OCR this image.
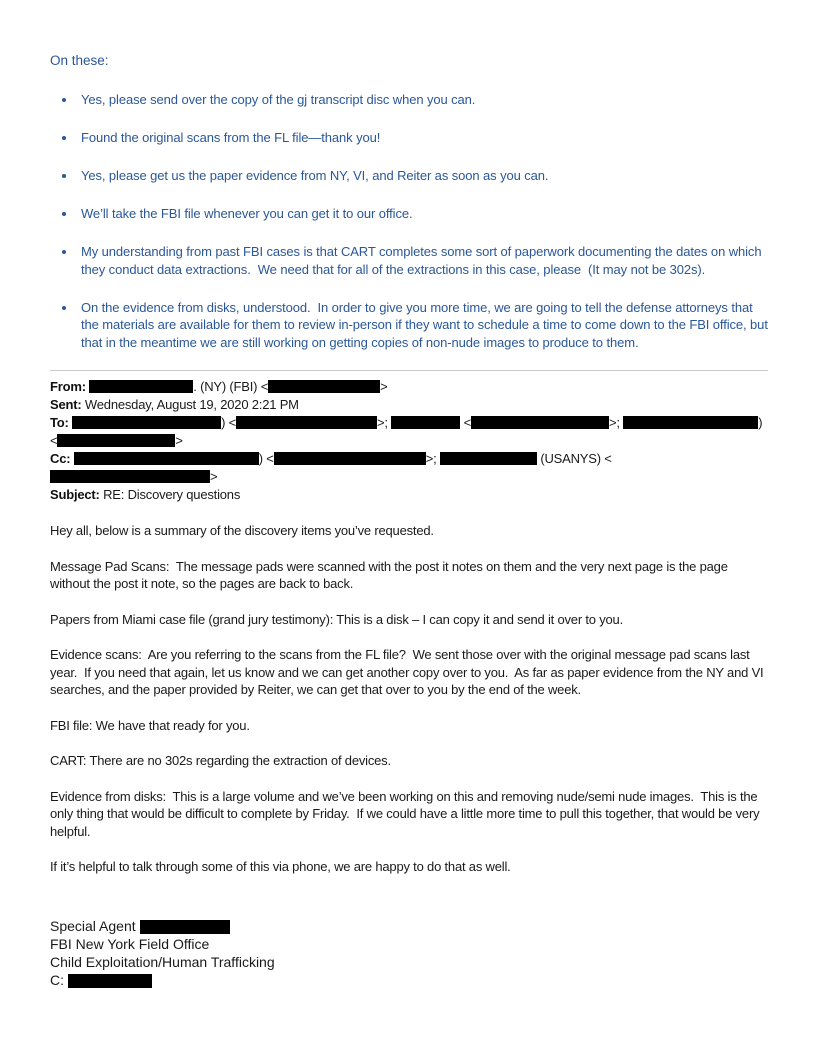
On these:

• Yes, please send over the copy of the gj transcript disc when you can.
• Found the original scans from the FL file—thank you!
• Yes, please get us the paper evidence from NY, VI, and Reiter as soon as you can.
• We’ll take the FBI file whenever you can get it to our office.
• My understanding from past FBI cases is that CART completes some sort of paperwork documenting the dates on which they conduct data extractions.  We need that for all of the extractions in this case, please  (It may not be 302s).
• On the evidence from disks, understood.  In order to give you more time, we are going to tell the defense attorneys that the materials are available for them to review in-person if they want to schedule a time to come down to the FBI office, but that in the meantime we are still working on getting copies of non-nude images to produce to them.
From:	. (NY) (FBI) <	>
Sent: Wednesday, August 19, 2020 2:21 PM
To:	) <	>;	<	>;	)
<	>
Cc:	) <	>;	(USANYS) <>
Subject: RE: Discovery questions

Hey all, below is a summary of the discovery items you’ve requested.

Message Pad Scans:  The message pads were scanned with the post it notes on them and the very next page is the page without the post it note, so the pages are back to back.

Papers from Miami case file (grand jury testimony): This is a disk – I can copy it and send it over to you.

Evidence scans:  Are you referring to the scans from the FL file?  We sent those over with the original message pad scans last year.  If you need that again, let us know and we can get another copy over to you.  As far as paper evidence from the NY and VI searches, and the paper provided by Reiter, we can get that over to you by the end of the week.

FBI file: We have that ready for you.

CART: There are no 302s regarding the extraction of devices.

Evidence from disks:  This is a large volume and we’ve been working on this and removing nude/semi nude images.  This is the only thing that would be difficult to complete by Friday.  If we could have a little more time to pull this together, that would be very helpful.

If it’s helpful to talk through some of this via phone, we are happy to do that as well.

Special Agent
FBI New York Field Office
Child Exploitation/Human Trafficking
C:
